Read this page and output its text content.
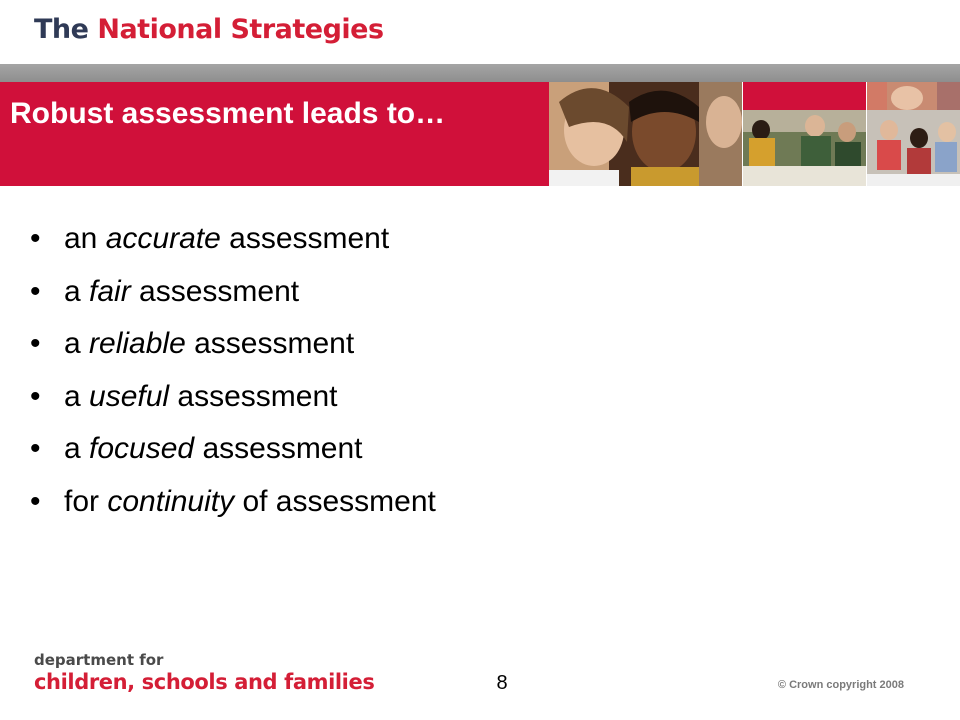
The National Strategies
Robust assessment leads to…
• an accurate assessment
• a fair assessment
• a reliable assessment
• a useful assessment
• a focused assessment
• for continuity of assessment
department for
children, schools and families	8	© Crown copyright 2008
